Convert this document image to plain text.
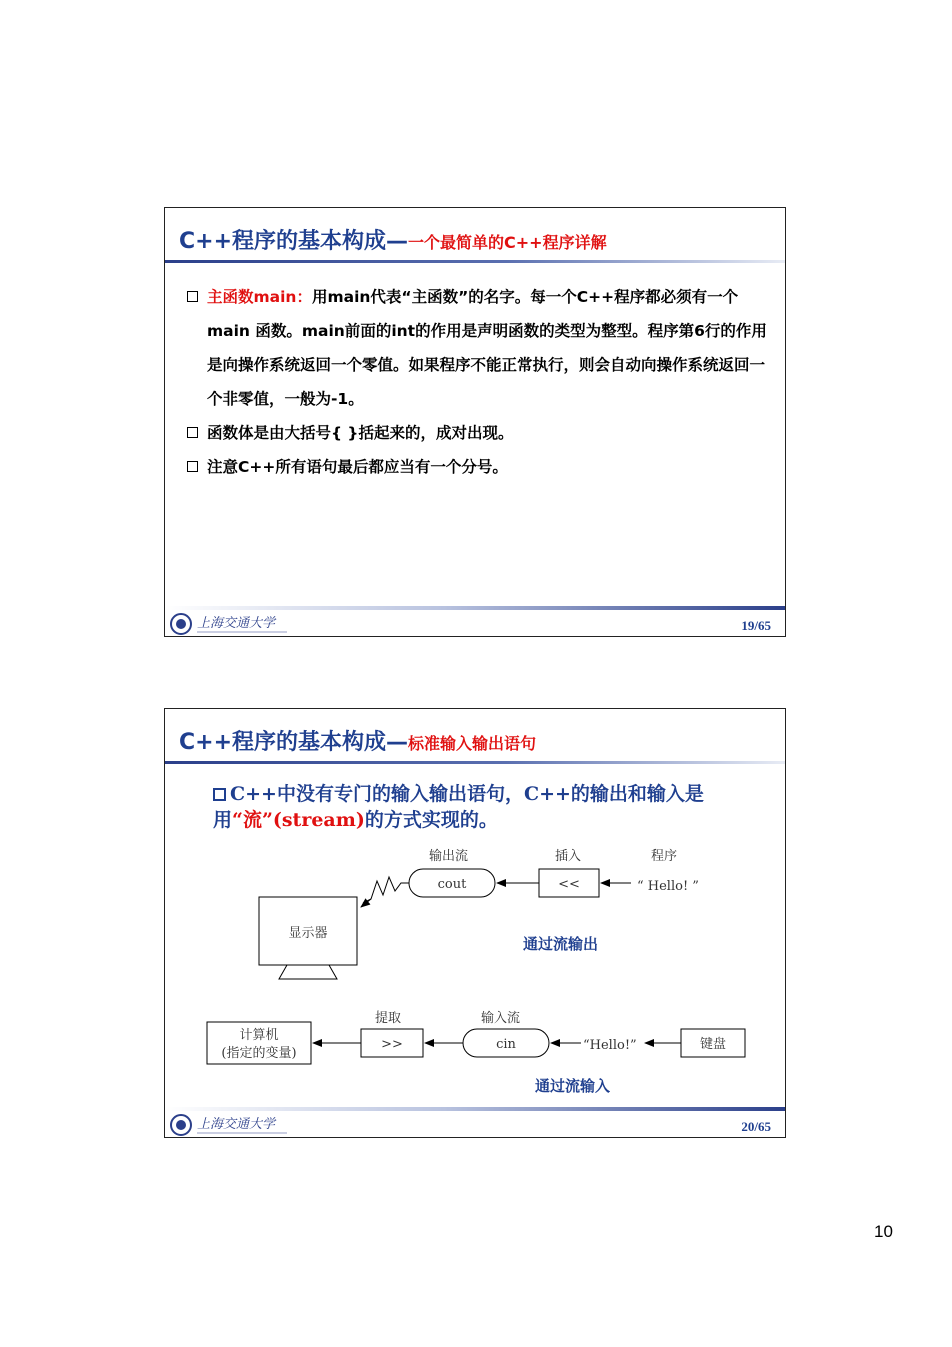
C++程序的基本构成—一个最简单的C++程序详解
主函数main：用main代表“主函数”的名字。每一个C++程序都必须有一个 main 函数。main前面的int的作用是声明函数的类型为整型。程序第6行的作用是向操作系统返回一个零值。如果程序不能正常执行，则会自动向操作系统返回一个非零值，一般为-1。
函数体是由大括号{ }括起来的，成对出现。
注意C++所有语句最后都应当有一个分号。
上海交通大学	19/65
C++程序的基本构成—标准输入输出语句
C++中没有专门的输入输出语句，C++的输出和输入是用“流”(stream)的方式实现的。
输出流	插入	程序
cout	<<	“ Hello! ”
显示器
通过流输出
提取	输入流
计算机
(指定的变量)
>>	cin	“Hello!”	键盘
通过流输入
上海交通大学	20/65
10
